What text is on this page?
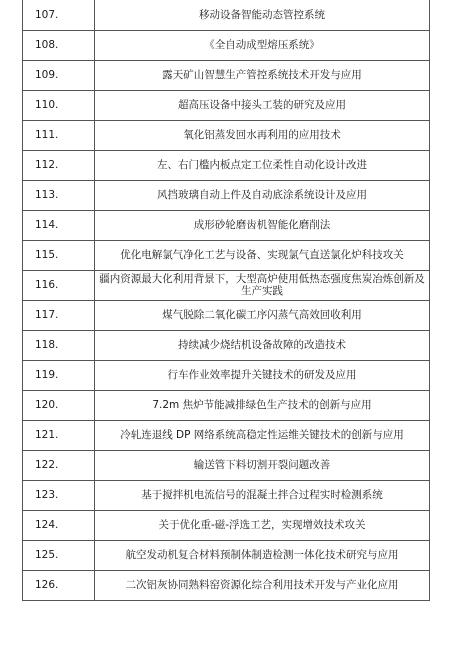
107.	移动设备智能动态管控系统
108.	《全自动成型熔压系统》
109.	露天矿山智慧生产管控系统技术开发与应用
110.	超高压设备中接头工装的研究及应用
111.	氧化铝蒸发回水再利用的应用技术
112.	左、右门槛内板点定工位柔性自动化设计改进
113.	风挡玻璃自动上件及自动底涂系统设计及应用
114.	成形砂轮磨齿机智能化磨削法
115.	优化电解氯气净化工艺与设备、实现氯气直送氯化炉科技攻关
116.	疆内资源最大化利用背景下，大型高炉使用低热态强度焦炭冶炼创新及生产实践
117.	煤气脱除二氧化碳工序闪蒸气高效回收利用
118.	持续减少烧结机设备故障的改造技术
119.	行车作业效率提升关键技术的研发及应用
120.	7.2m 焦炉节能减排绿色生产技术的创新与应用
121.	冷轧连退线 DP 网络系统高稳定性运维关键技术的创新与应用
122.	输送管下料切割开裂问题改善
123.	基于搅拌机电流信号的混凝土拌合过程实时检测系统
124.	关于优化重-磁-浮选工艺，实现增效技术攻关
125.	航空发动机复合材料预制体制造检测一体化技术研究与应用
126.	二次铝灰协同熟料窑资源化综合利用技术开发与产业化应用
